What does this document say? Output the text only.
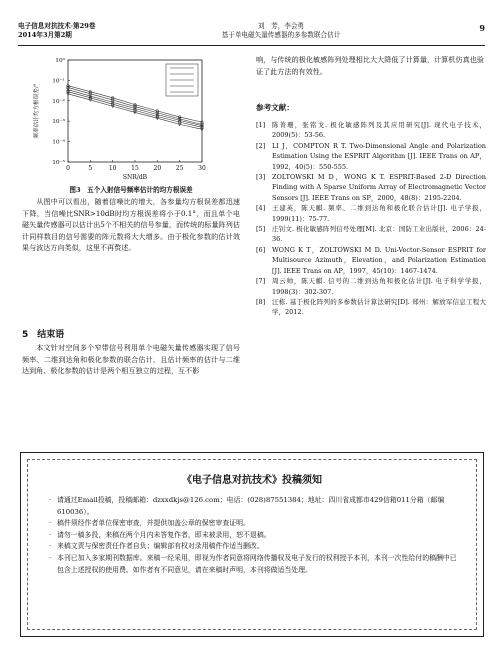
电子信息对抗技术·第29卷
2014年3月第2期
刘　芳，李会勇
基于单电磁矢量传感器的多参数联合估计
9
0	5	10 15 20 25 30
10⁰
10⁻¹
10⁻²
10⁻³
10⁻⁴
10⁻⁵
SNR/dB
频率估计均方根误差/°
图3　五个入射信号频率估计的均方根误差

从图中可以看出，随着信噪比的增大，各参量均方根误差都迅速下降，当信噪比SNR>10dB时均方根误差将小于0.1°，而且单个电磁矢量传感器可以估计出5个不相关的信号参量，而传统的标量阵列估计同样数目的信号需要的阵元数将大大增多。由于极化参数的估计效果与波达方向类似，这里不再赘述。

5　结束语

本文针对空间多个窄带信号利用单个电磁矢量传感器实现了信号频率、二维到达角和极化参数的联合估计，且估计频率的估计与二维达到角、极化参数的估计是两个相互独立的过程，互不影

响，与传统的极化敏感阵列处理相比大大降低了计算量，计算机仿真也验证了此方法的有效性。

参考文献：
[1]	陈菁珊，张铭戈. 极化敏感阵列及其应用研究[J]. 现代电子技术，2009(5)：53-56.
[2]	LI J，COMPTON R T. Two-Dimensional Angle and Polarization Estimation Using the ESPRIT Algorithm [J]. IEEE Trans on AP，1992，40(5)：550-555.
[3]	ZOLTOWSKI M D，WONG K T. ESPRIT-Based 2-D Direction Finding with A Sparse Uniform Array of Electromagnetic Vector Sensors [J]. IEEE Trans on SP，2000，48(8)：2195-2204.
[4]	王建英，陈天麒. 频率、二维到达角和极化联合估计[J]. 电子学报，1999(11)：75-77.
[5]	庄钊文. 极化敏感阵列信号处理[M]. 北京：国防工业出版社，2006：24-36.
[6]	WONG K T，ZOLTOWSKI M D. Uni-Vector-Sensor ESPRIT for Multisource Azimuth，Elevation，and Polarization Estimation [J]. IEEE Trans on AP，1997，45(10)：1467-1474.
[7]	周云帅，陈天麒. 信号的二维到达角和极化估计[J]. 电子科学学报，1998(3)：302-307.
[8]	汪栋. 基于极化阵列的多参数估计算法研究[D]. 郑州：解放军信息工程大学，2012.
《电子信息对抗技术》投稿须知
· 请通过Email投稿，投稿邮箱：dzxxdkjs@126.com；电话：(028)87551384；地址：四川省成都市429信箱011分箱（邮编610036）。
· 稿件须经作者单位保密审查，并提供加盖公章的保密审查证明。
· 请勿一稿多投，来稿在两个月内未答复作者，即未被录用，恕不退稿。
· 来稿文责与保密责任作者自负；编辑部有权对录用稿件作适当删改。
· 本刊已加入多家期刊数据库。来稿一经采用，即视为作者同意将网络传播权及电子发行的权利授予本刊，本刊一次性给付的稿酬中已包含上述授权的使用费。如作者有不同意见，请在来稿时声明，本刊将做适当处理。
